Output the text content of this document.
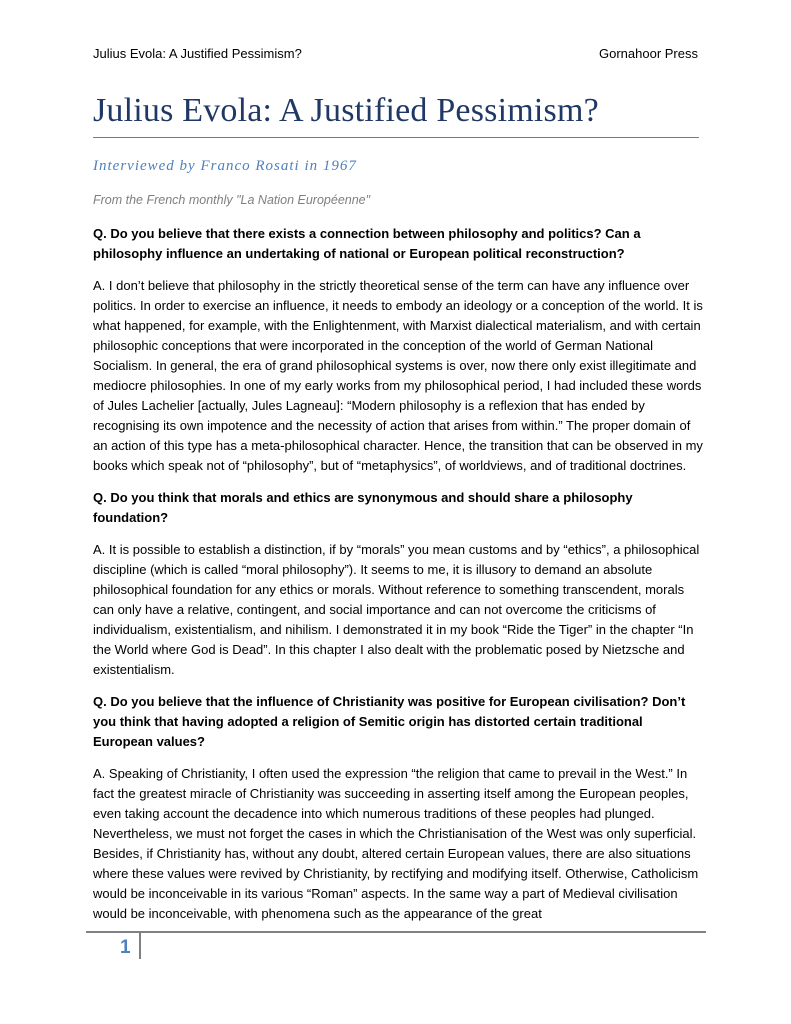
Julius Evola: A Justified Pessimism?	Gornahoor Press
Julius Evola: A Justified Pessimism?
Interviewed by Franco Rosati in 1967
From the French monthly "La Nation Européenne"

Q. Do you believe that there exists a connection between philosophy and politics? Can a philosophy influence an undertaking of national or European political reconstruction?

A. I don’t believe that philosophy in the strictly theoretical sense of the term can have any influence over politics. In order to exercise an influence, it needs to embody an ideology or a conception of the world. It is what happened, for example, with the Enlightenment, with Marxist dialectical materialism, and with certain philosophic conceptions that were incorporated in the conception of the world of German National Socialism. In general, the era of grand philosophical systems is over, now there only exist illegitimate and mediocre philosophies. In one of my early works from my philosophical period, I had included these words of Jules Lachelier [actually, Jules Lagneau]: “Modern philosophy is a reflexion that has ended by recognising its own impotence and the necessity of action that arises from within.” The proper domain of an action of this type has a meta-philosophical character. Hence, the transition that can be observed in my books which speak not of “philosophy”, but of “metaphysics”, of worldviews, and of traditional doctrines.

Q. Do you think that morals and ethics are synonymous and should share a philosophy foundation?

A. It is possible to establish a distinction, if by “morals” you mean customs and by “ethics”, a philosophical discipline (which is called “moral philosophy”). It seems to me, it is illusory to demand an absolute philosophical foundation for any ethics or morals. Without reference to something transcendent, morals can only have a relative, contingent, and social importance and can not overcome the criticisms of individualism, existentialism, and nihilism. I demonstrated it in my book “Ride the Tiger” in the chapter “In the World where God is Dead”. In this chapter I also dealt with the problematic posed by Nietzsche and existentialism.

Q. Do you believe that the influence of Christianity was positive for European civilisation? Don’t you think that having adopted a religion of Semitic origin has distorted certain traditional European values?

A. Speaking of Christianity, I often used the expression “the religion that came to prevail in the West.” In fact the greatest miracle of Christianity was succeeding in asserting itself among the European peoples, even taking account the decadence into which numerous traditions of these peoples had plunged. Nevertheless, we must not forget the cases in which the Christianisation of the West was only superficial. Besides, if Christianity has, without any doubt, altered certain European values, there are also situations where these values were revived by Christianity, by rectifying and modifying itself. Otherwise, Catholicism would be inconceivable in its various “Roman” aspects. In the same way a part of Medieval civilisation would be inconceivable, with phenomena such as the appearance of the great

1
